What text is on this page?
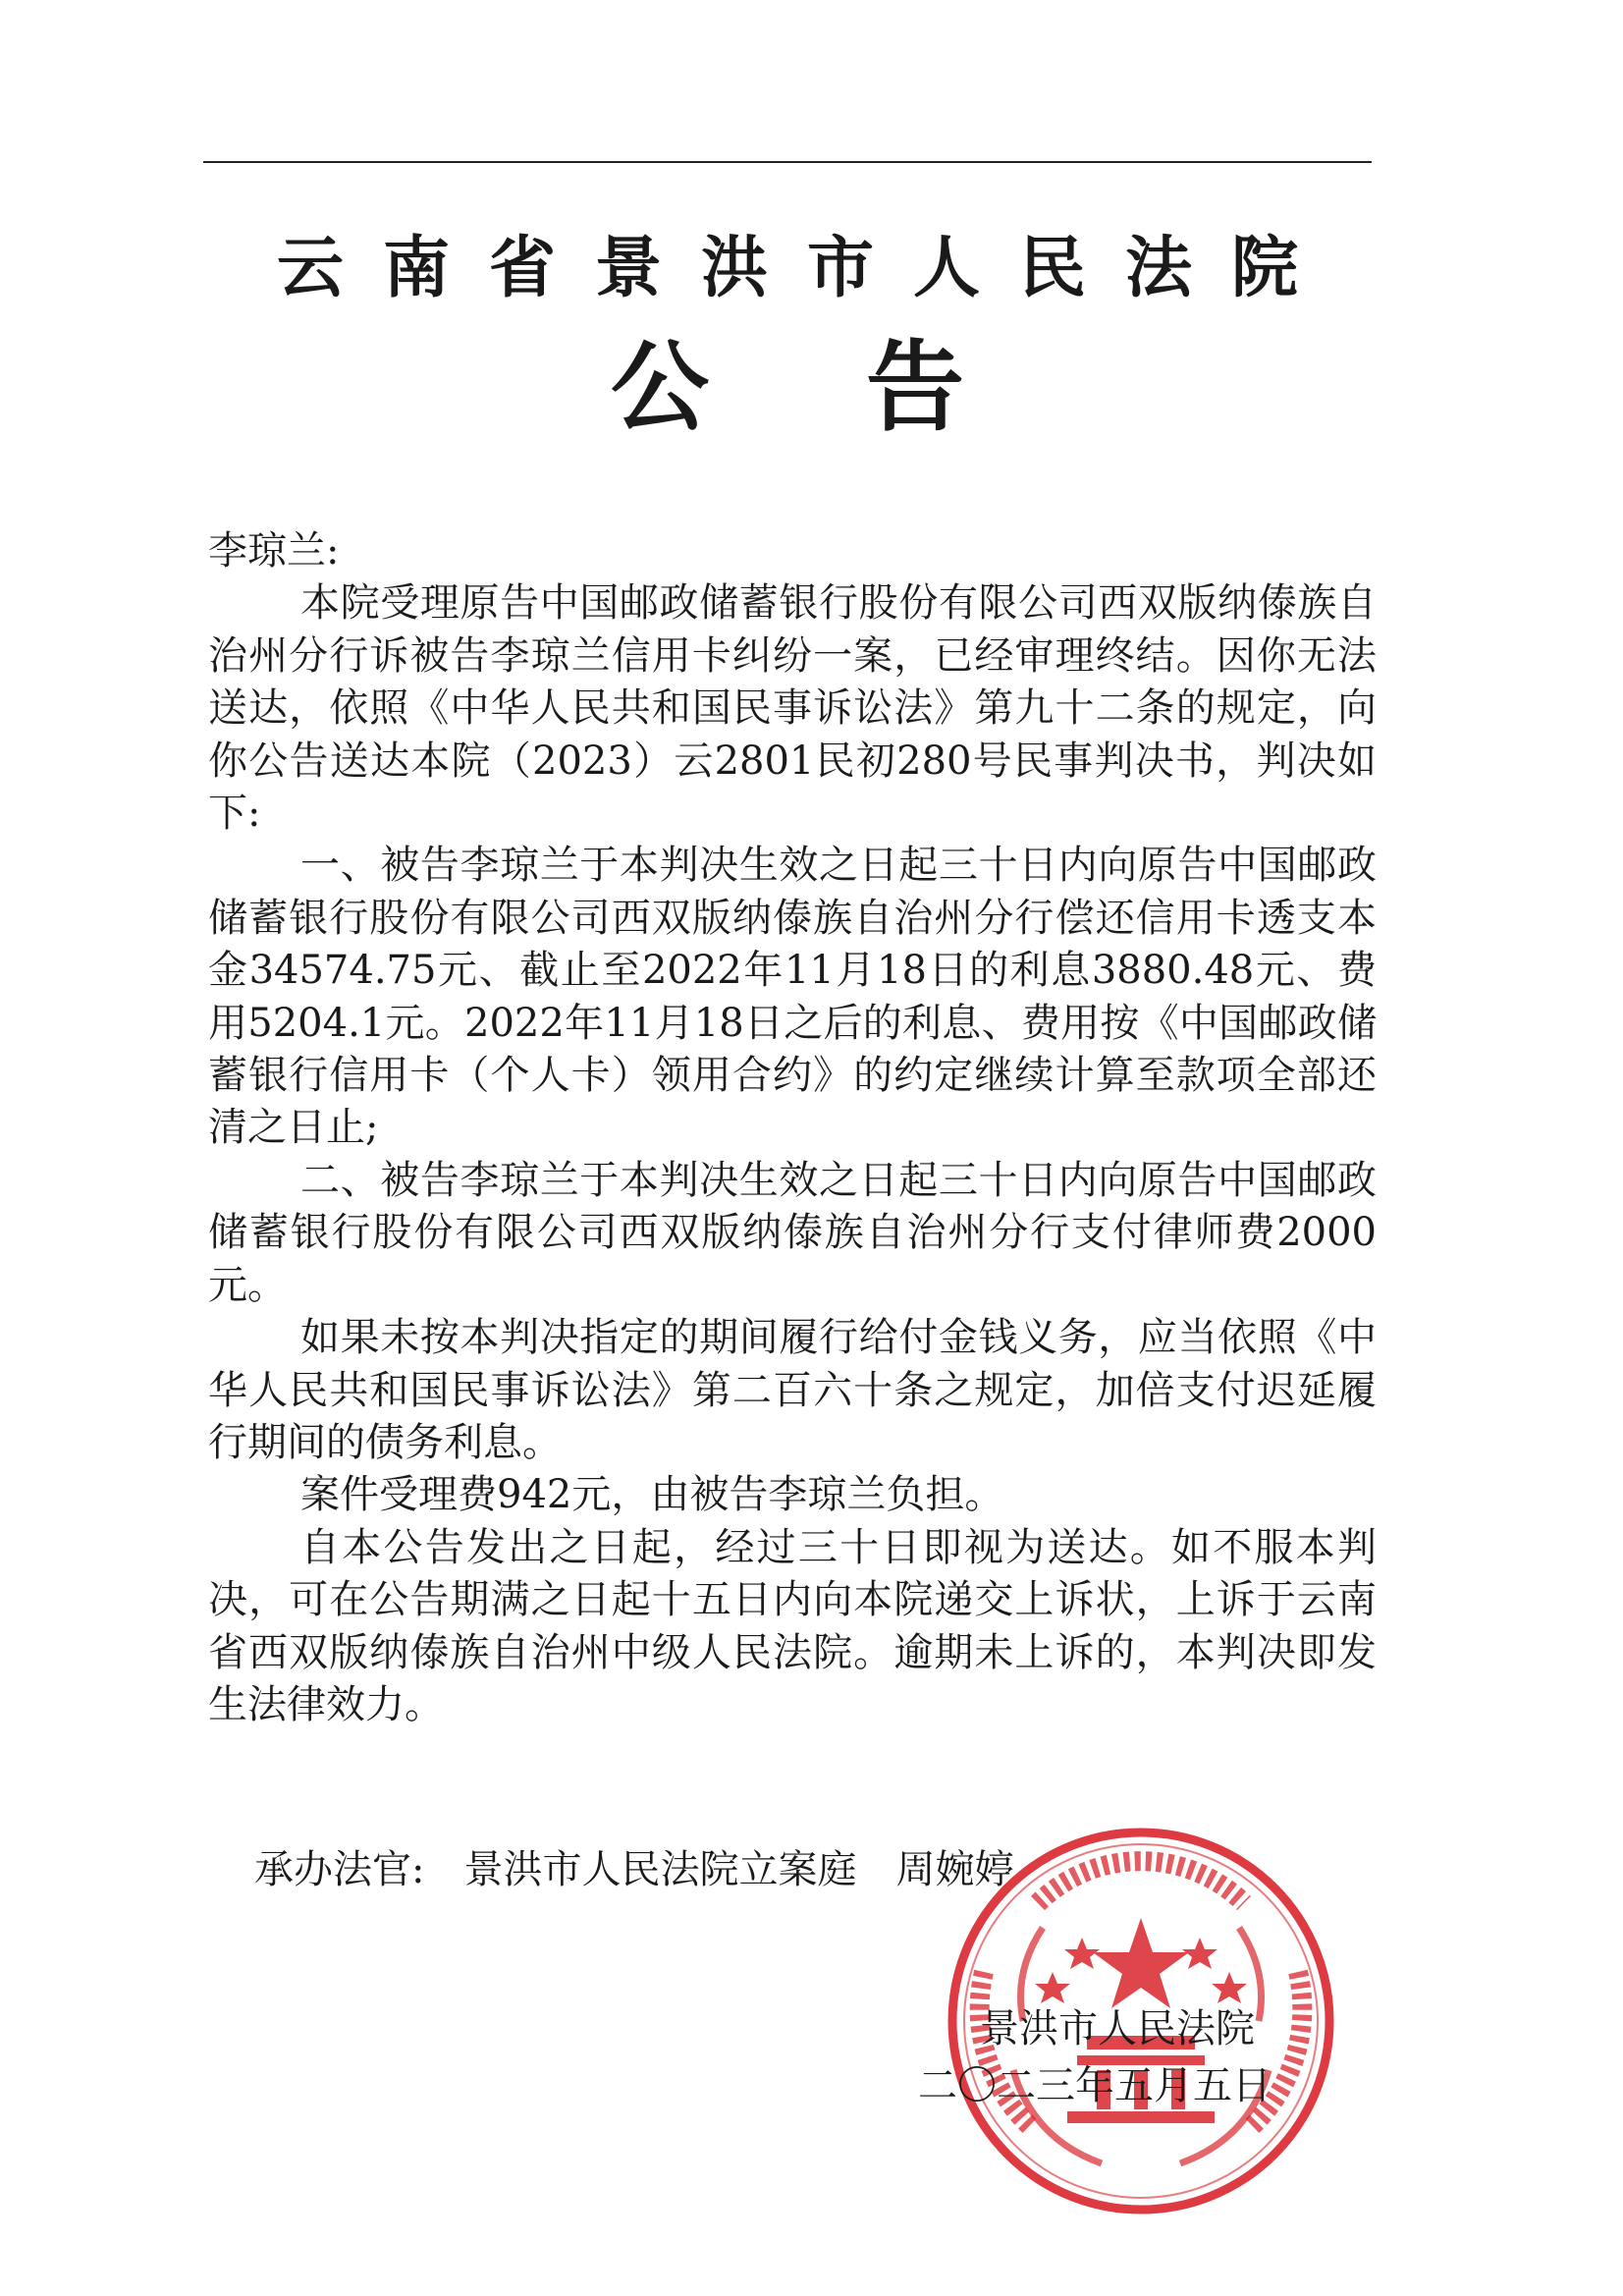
云南省景洪市人民法院
公告

李琼兰:

本院受理原告中国邮政储蓄银行股份有限公司西双版纳傣族自治州分行诉被告李琼兰信用卡纠纷一案，已经审理终结。因你无法送达，依照《中华人民共和国民事诉讼法》第九十二条的规定，向你公告送达本院（2023）云2801民初280号民事判决书，判决如下:

一、被告李琼兰于本判决生效之日起三十日内向原告中国邮政储蓄银行股份有限公司西双版纳傣族自治州分行偿还信用卡透支本金34574.75元、截止至2022年11月18日的利息3880.48元、费用5204.1元。2022年11月18日之后的利息、费用按《中国邮政储蓄银行信用卡（个人卡）领用合约》的约定继续计算至款项全部还清之日止;

二、被告李琼兰于本判决生效之日起三十日内向原告中国邮政储蓄银行股份有限公司西双版纳傣族自治州分行支付律师费2000元。

如果未按本判决指定的期间履行给付金钱义务，应当依照《中华人民共和国民事诉讼法》第二百六十条之规定，加倍支付迟延履行期间的债务利息。

案件受理费942元，由被告李琼兰负担。

自本公告发出之日起，经过三十日即视为送达。如不服本判决，可在公告期满之日起十五日内向本院递交上诉状，上诉于云南省西双版纳傣族自治州中级人民法院。逾期未上诉的，本判决即发生法律效力。

承办法官: 景洪市人民法院立案庭 周婉婷
景洪市人民法院
二〇二三年五月五日
